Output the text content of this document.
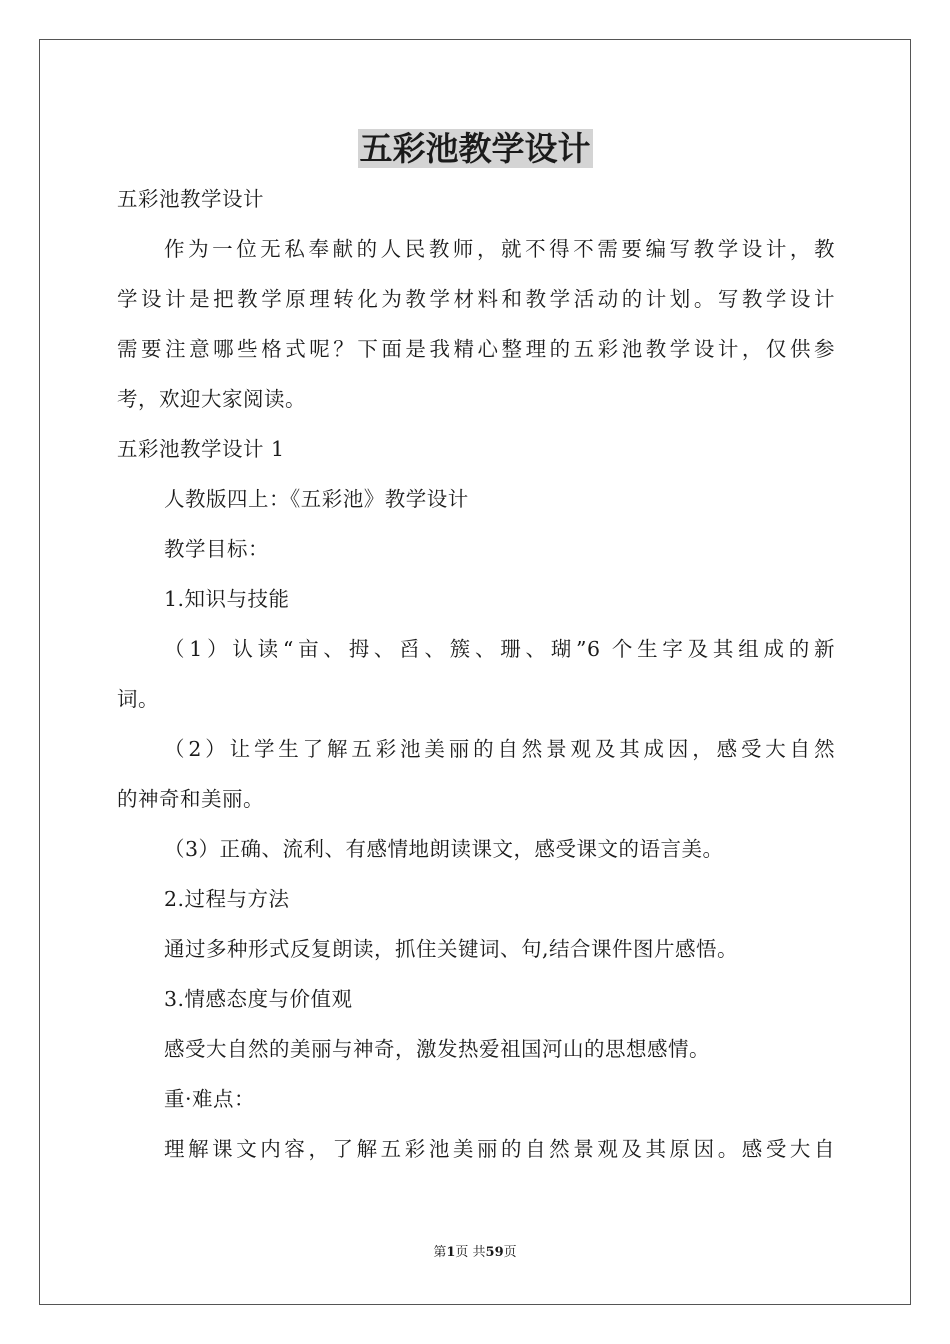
五彩池教学设计
五彩池教学设计
作为一位无私奉献的人民教师，就不得不需要编写教学设计，教
学设计是把教学原理转化为教学材料和教学活动的计划。写教学设计
需要注意哪些格式呢？下面是我精心整理的五彩池教学设计，仅供参
考，欢迎大家阅读。
五彩池教学设计 1
人教版四上：《五彩池》教学设计
教学目标：
1.知识与技能
（1）认读“亩、拇、舀、簇、珊、瑚”6 个生字及其组成的新
词。
（2）让学生了解五彩池美丽的自然景观及其成因，感受大自然
的神奇和美丽。
（3）正确、流利、有感情地朗读课文，感受课文的语言美。
2.过程与方法
通过多种形式反复朗读，抓住关键词、句,结合课件图片感悟。
3.情感态度与价值观
感受大自然的美丽与神奇，激发热爱祖国河山的思想感情。
重·难点：
理解课文内容，了解五彩池美丽的自然景观及其原因。感受大自
第1页 共59页
